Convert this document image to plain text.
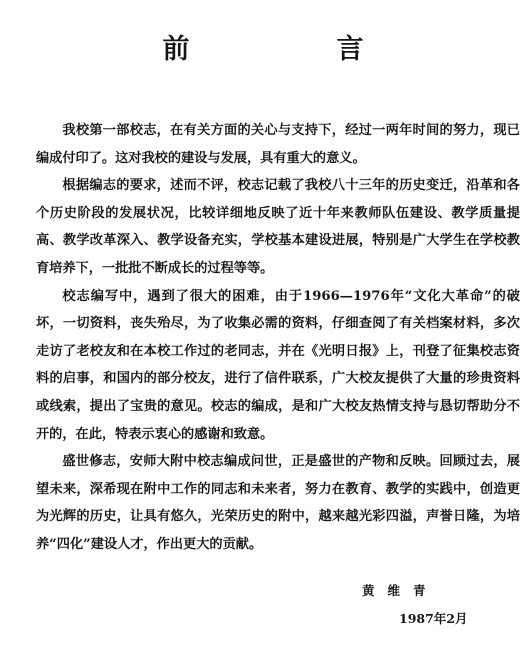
前　言

我校第一部校志，在有关方面的关心与支持下，经过一两年时间的努力，现已编成付印了。这对我校的建设与发展，具有重大的意义。

根据编志的要求，述而不评，校志记载了我校八十三年的历史变迁，沿革和各个历史阶段的发展状况，比较详细地反映了近十年来教师队伍建设、教学质量提高、教学改革深入、教学设备充实，学校基本建设进展，特别是广大学生在学校教育培养下，一批批不断成长的过程等等。

校志编写中，遇到了很大的困难，由于1966—1976年“文化大革命”的破坏，一切资料，丧失殆尽，为了收集必需的资料，仔细查阅了有关档案材料，多次走访了老校友和在本校工作过的老同志，并在《光明日报》上，刊登了征集校志资料的启事，和国内的部分校友，进行了信件联系，广大校友提供了大量的珍贵资料或线索，提出了宝贵的意见。校志的编成，是和广大校友热情支持与恳切帮助分不开的，在此，特表示衷心的感谢和致意。

盛世修志，安师大附中校志编成问世，正是盛世的产物和反映。回顾过去，展望未来，深希现在附中工作的同志和未来者，努力在教育、教学的实践中，创造更为光辉的历史，让具有悠久，光荣历史的附中，越来越光彩四溢，声誉日隆，为培养“四化”建设人才，作出更大的贡献。

黄维青
1987年2月
